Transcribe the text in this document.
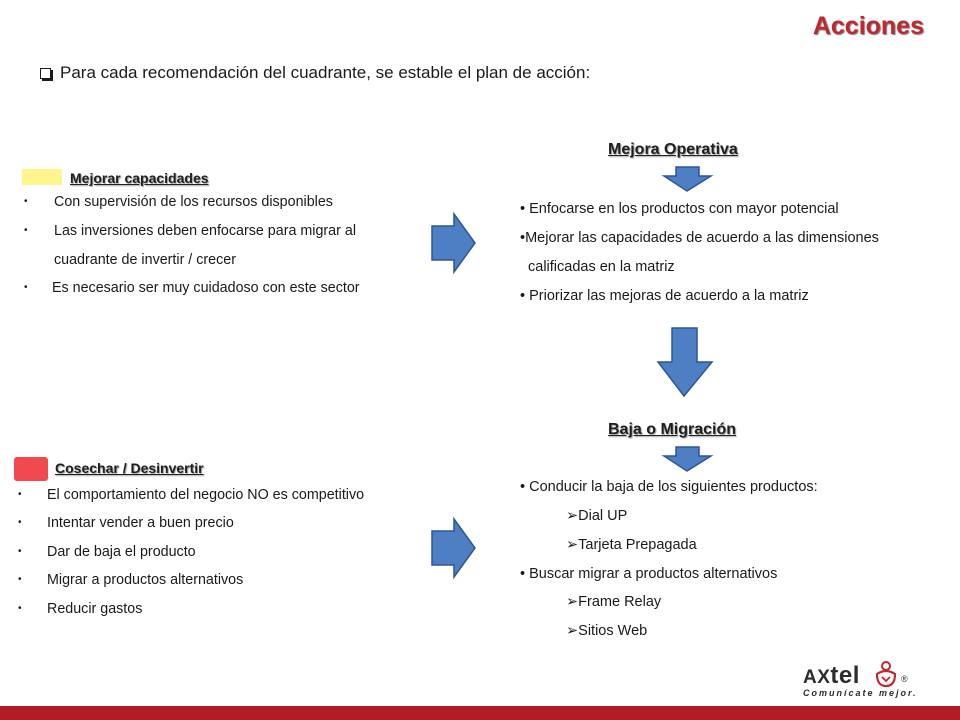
Acciones
Para cada recomendación del cuadrante, se estable el plan de acción:
Mejorar capacidades
• Con supervisión de los recursos disponibles
• Las inversiones deben enfocarse para migrar al
cuadrante de invertir / crecer
• Es necesario ser muy cuidadoso con este sector
Mejora Operativa
• Enfocarse en los productos con mayor potencial
•Mejorar las capacidades de acuerdo a las dimensiones
calificadas en la matriz
• Priorizar las mejoras de acuerdo a la matriz
Cosechar / Desinvertir
• El comportamiento del negocio NO es competitivo
• Intentar vender a buen precio
• Dar de baja el producto
• Migrar a productos alternativos
• Reducir gastos
Baja o Migración
• Conducir la baja de los siguientes productos:
➢Dial UP
➢Tarjeta Prepagada
• Buscar migrar a productos alternativos
➢Frame Relay
➢Sitios Web
AXtel	®
Comunícate mejor.
